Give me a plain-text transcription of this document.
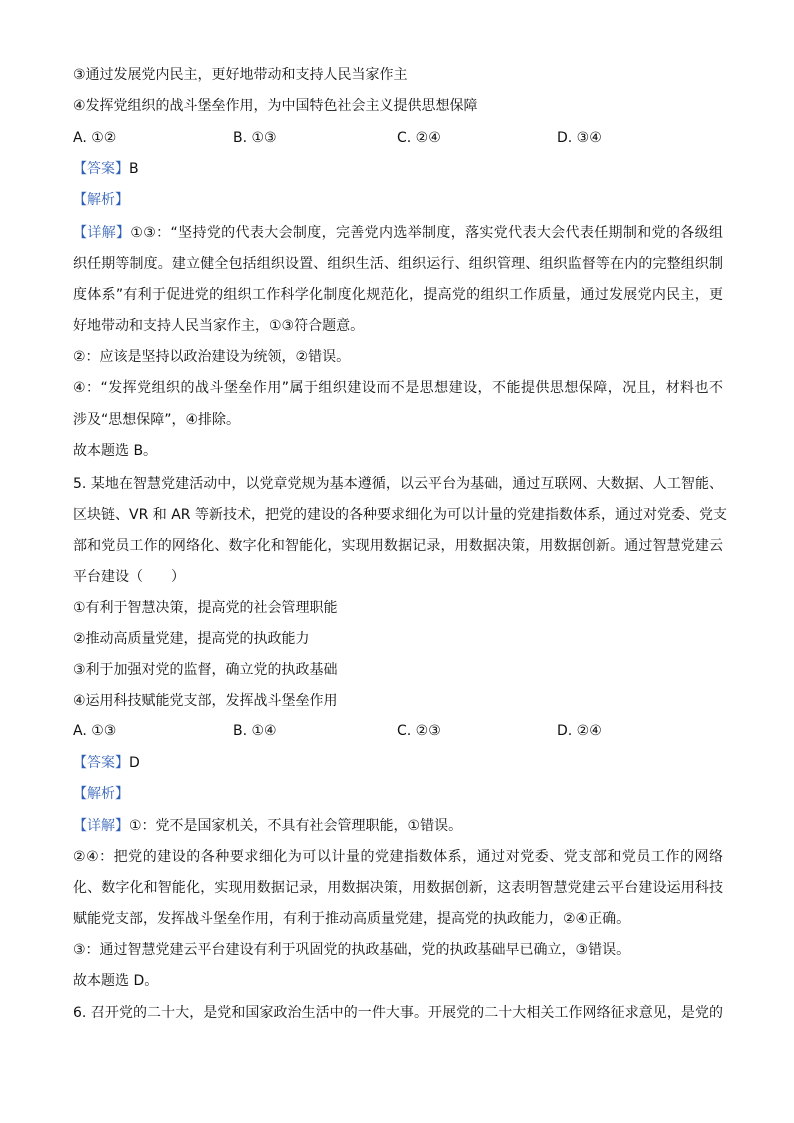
③通过发展党内民主，更好地带动和支持人民当家作主
④发挥党组织的战斗堡垒作用，为中国特色社会主义提供思想保障
A. ①②	B. ①③	C. ②④	D. ③④
【答案】B
【解析】
【详解】①③：“坚持党的代表大会制度，完善党内选举制度，落实党代表大会代表任期制和党的各级组
织任期等制度。建立健全包括组织设置、组织生活、组织运行、组织管理、组织监督等在内的完整组织制
度体系”有利于促进党的组织工作科学化制度化规范化，提高党的组织工作质量，通过发展党内民主，更
好地带动和支持人民当家作主，①③符合题意。
②：应该是坚持以政治建设为统领，②错误。
④：“发挥党组织的战斗堡垒作用”属于组织建设而不是思想建设，不能提供思想保障，况且，材料也不
涉及“思想保障”，④排除。
故本题选 B。
5. 某地在智慧党建活动中，以党章党规为基本遵循，以云平台为基础，通过互联网、大数据、人工智能、
区块链、VR 和 AR 等新技术，把党的建设的各种要求细化为可以计量的党建指数体系，通过对党委、党支
部和党员工作的网络化、数字化和智能化，实现用数据记录，用数据决策，用数据创新。通过智慧党建云
平台建设（　　）
①有利于智慧决策，提高党的社会管理职能
②推动高质量党建，提高党的执政能力
③利于加强对党的监督，确立党的执政基础
④运用科技赋能党支部，发挥战斗堡垒作用
A. ①③	B. ①④	C. ②③	D. ②④
【答案】D
【解析】
【详解】①：党不是国家机关，不具有社会管理职能，①错误。
②④：把党的建设的各种要求细化为可以计量的党建指数体系，通过对党委、党支部和党员工作的网络
化、数字化和智能化，实现用数据记录，用数据决策，用数据创新，这表明智慧党建云平台建设运用科技
赋能党支部，发挥战斗堡垒作用，有利于推动高质量党建，提高党的执政能力，②④正确。
③：通过智慧党建云平台建设有利于巩固党的执政基础，党的执政基础早已确立，③错误。
故本题选 D。
6. 召开党的二十大，是党和国家政治生活中的一件大事。开展党的二十大相关工作网络征求意见，是党的
